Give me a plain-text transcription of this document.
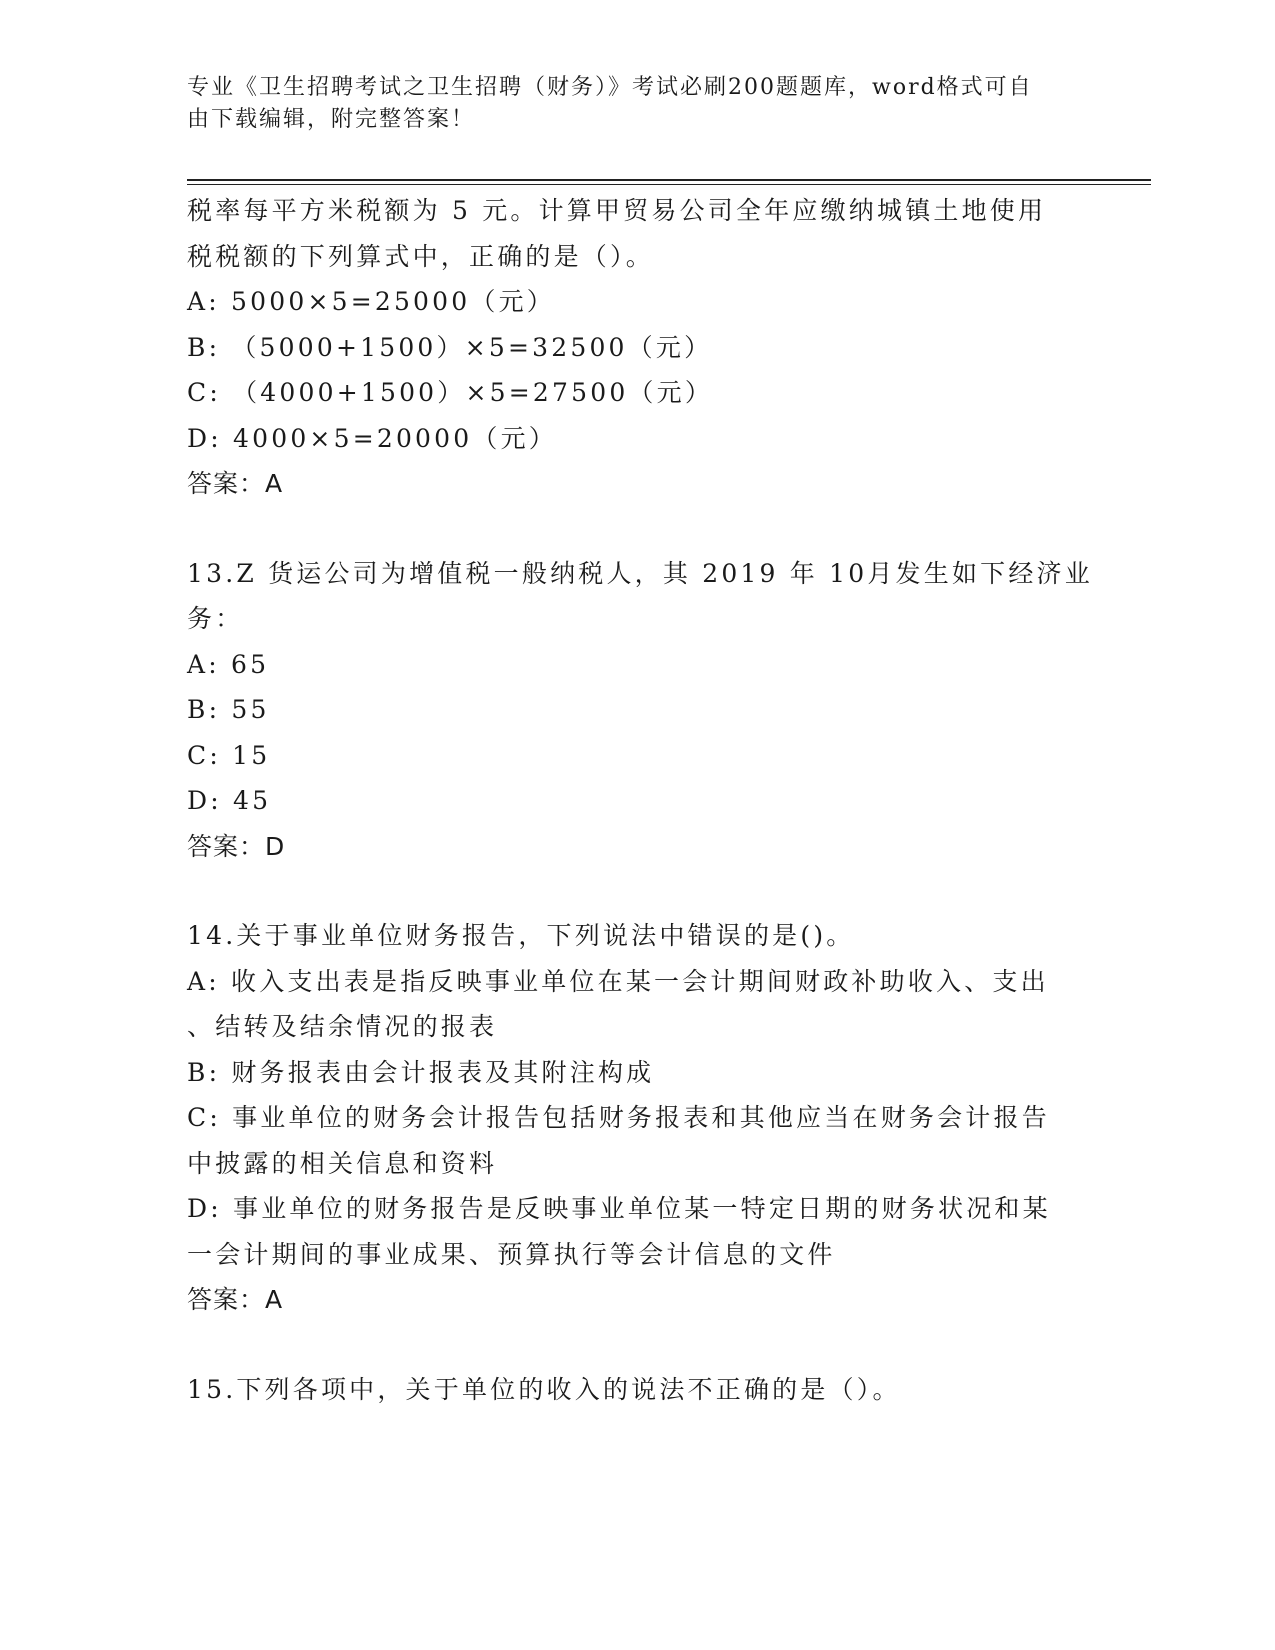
专业《卫生招聘考试之卫生招聘（财务）》考试必刷200题题库，word格式可自
由下载编辑，附完整答案！
税率每平方米税额为 5 元。计算甲贸易公司全年应缴纳城镇土地使用
税税额的下列算式中，正确的是（）。
A: 5000×5=25000（元）
B: （5000+1500）×5=32500（元）
C: （4000+1500）×5=27500（元）
D: 4000×5=20000（元）
答案：A
13.Z 货运公司为增值税一般纳税人，其 2019 年 10月发生如下经济业
务：
A: 65
B: 55
C: 15
D: 45
答案：D
14.关于事业单位财务报告，下列说法中错误的是()。
A: 收入支出表是指反映事业单位在某一会计期间财政补助收入、支出
、结转及结余情况的报表
B: 财务报表由会计报表及其附注构成
C: 事业单位的财务会计报告包括财务报表和其他应当在财务会计报告
中披露的相关信息和资料
D: 事业单位的财务报告是反映事业单位某一特定日期的财务状况和某
一会计期间的事业成果、预算执行等会计信息的文件
答案：A
15.下列各项中，关于单位的收入的说法不正确的是（）。
